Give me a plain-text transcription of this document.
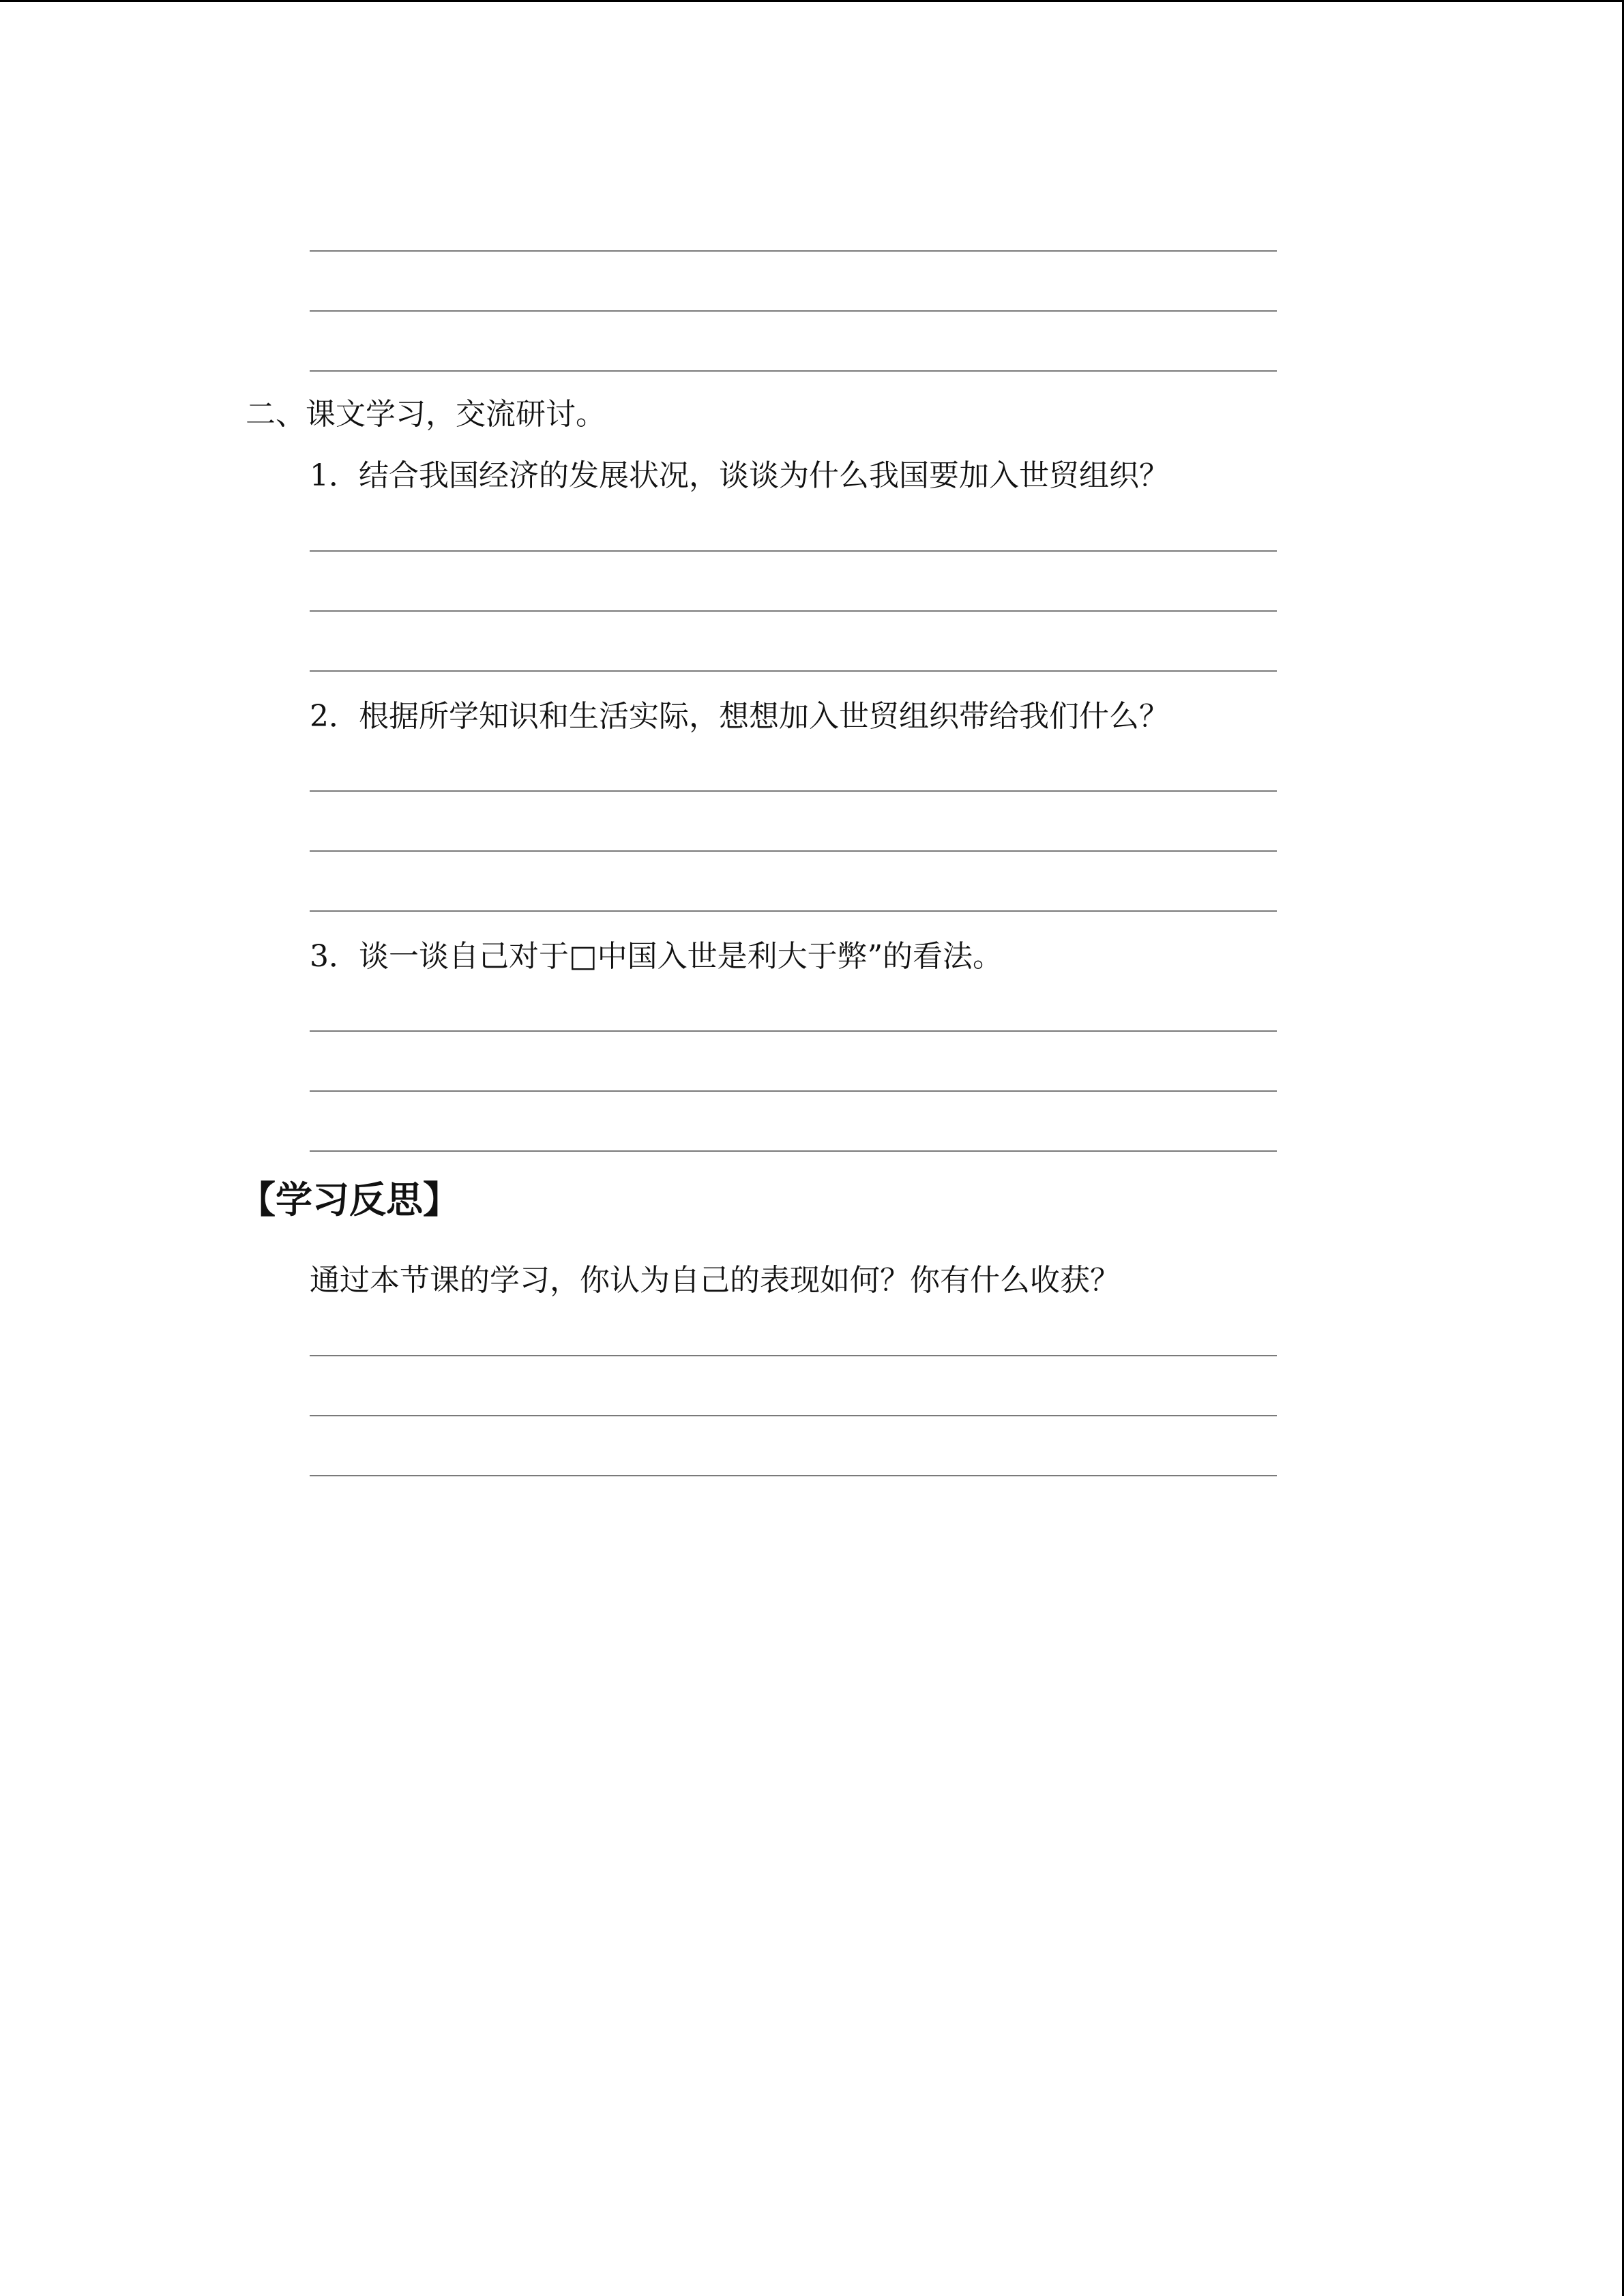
二、课文学习，交流研讨。
1．结合我国经济的发展状况，谈谈为什么我国要加入世贸组织？
2．根据所学知识和生活实际，想想加入世贸组织带给我们什么？
3．谈一谈自己对于□中国入世是利大于弊”的看法。
【学习反思】
通过本节课的学习，你认为自己的表现如何？你有什么收获？
